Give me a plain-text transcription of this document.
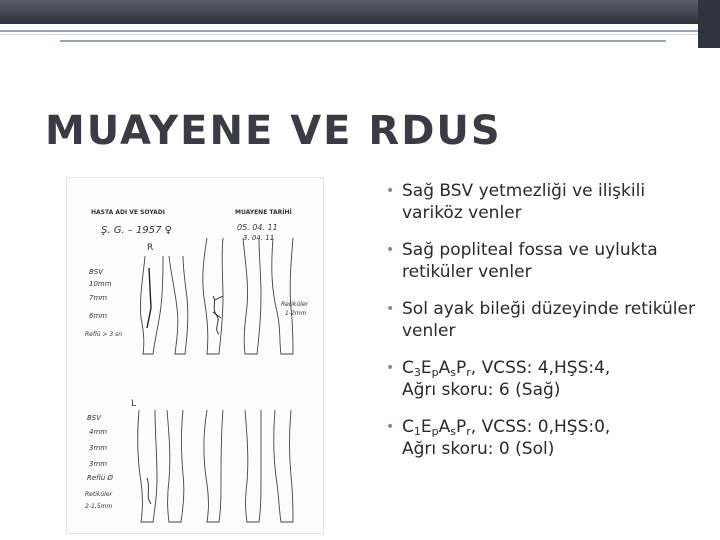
MUAYENE VE RDUS
HASTA ADI VE SOYADI	MUAYENE TARİHİ
Ş. G. – 1957 ♀	05. 04. 11
3. 04. 11
R
L
BSV
10mm
7mm
6mm
Reflü > 3 sn
Retiküler
1-2mm
BSV
4mm
3mm
3mm
Reflü Ø
Retiküler
2-1,5mm
• Sağ BSV yetmezliği ve ilişkili variköz venler
• Sağ popliteal fossa ve uylukta retiküler venler
• Sol ayak bileği düzeyinde retiküler venler
• $C_3E_pA_sP_r$, VCSS: 4,HŞS:4,
Ağrı skoru: 6 (Sağ)
• $C_1E_pA_sP_r$, VCSS: 0,HŞS:0,
Ağrı skoru: 0 (Sol)
